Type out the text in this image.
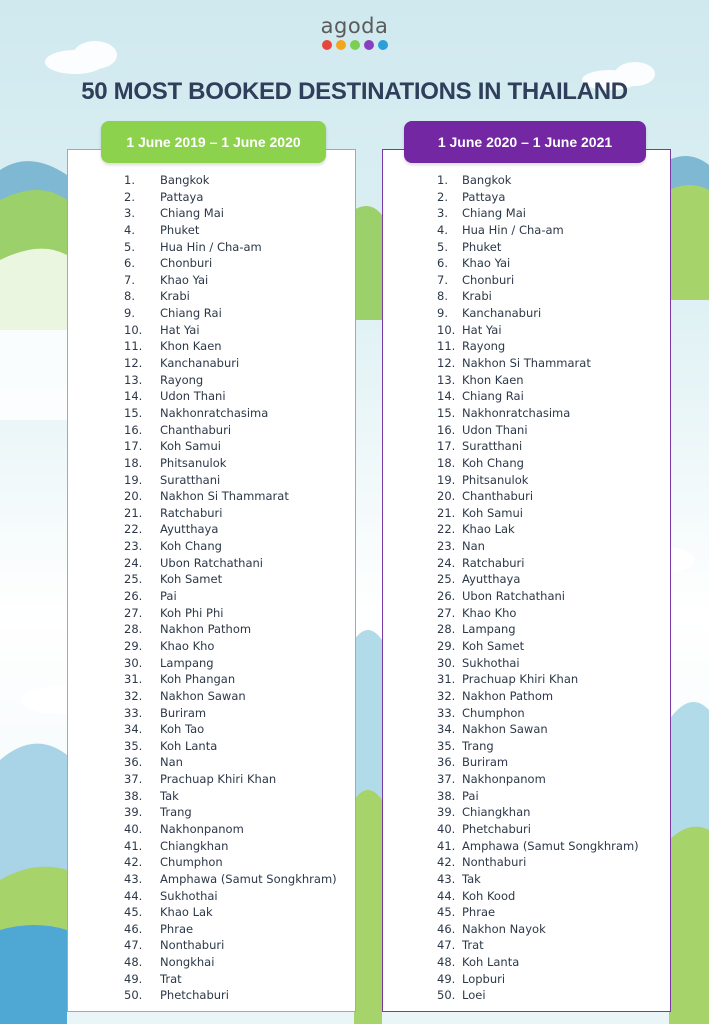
agoda
50 MOST BOOKED DESTINATIONS IN THAILAND
1 June 2019 – 1 June 2020	1 June 2020 – 1 June 2021
1.	Bangkok
2.	Pattaya
3.	Chiang Mai
4.	Phuket
5.	Hua Hin / Cha-am
6.	Chonburi
7.	Khao Yai
8.	Krabi
9.	Chiang Rai
10.	Hat Yai
11.	Khon Kaen
12.	Kanchanaburi
13.	Rayong
14.	Udon Thani
15.	Nakhonratchasima
16.	Chanthaburi
17.	Koh Samui
18.	Phitsanulok
19.	Suratthani
20.	Nakhon Si Thammarat
21.	Ratchaburi
22.	Ayutthaya
23.	Koh Chang
24.	Ubon Ratchathani
25.	Koh Samet
26.	Pai
27.	Koh Phi Phi
28.	Nakhon Pathom
29.	Khao Kho
30.	Lampang
31.	Koh Phangan
32.	Nakhon Sawan
33.	Buriram
34.	Koh Tao
35.	Koh Lanta
36.	Nan
37.	Prachuap Khiri Khan
38.	Tak
39.	Trang
40.	Nakhonpanom
41.	Chiangkhan
42.	Chumphon
43.	Amphawa (Samut Songkhram)
44.	Sukhothai
45.	Khao Lak
46.	Phrae
47.	Nonthaburi
48.	Nongkhai
49.	Trat
50.	Phetchaburi
1.	Bangkok
2.	Pattaya
3.	Chiang Mai
4.	Hua Hin / Cha-am
5.	Phuket
6.	Khao Yai
7.	Chonburi
8.	Krabi
9.	Kanchanaburi
10. Hat Yai
11. Rayong
12. Nakhon Si Thammarat
13. Khon Kaen
14. Chiang Rai
15. Nakhonratchasima
16. Udon Thani
17. Suratthani
18. Koh Chang
19. Phitsanulok
20. Chanthaburi
21. Koh Samui
22. Khao Lak
23. Nan
24. Ratchaburi
25. Ayutthaya
26. Ubon Ratchathani
27. Khao Kho
28. Lampang
29. Koh Samet
30. Sukhothai
31. Prachuap Khiri Khan
32. Nakhon Pathom
33. Chumphon
34. Nakhon Sawan
35. Trang
36. Buriram
37. Nakhonpanom
38. Pai
39. Chiangkhan
40. Phetchaburi
41. Amphawa (Samut Songkhram)
42. Nonthaburi
43. Tak
44. Koh Kood
45. Phrae
46. Nakhon Nayok
47. Trat
48. Koh Lanta
49. Lopburi
50. Loei
